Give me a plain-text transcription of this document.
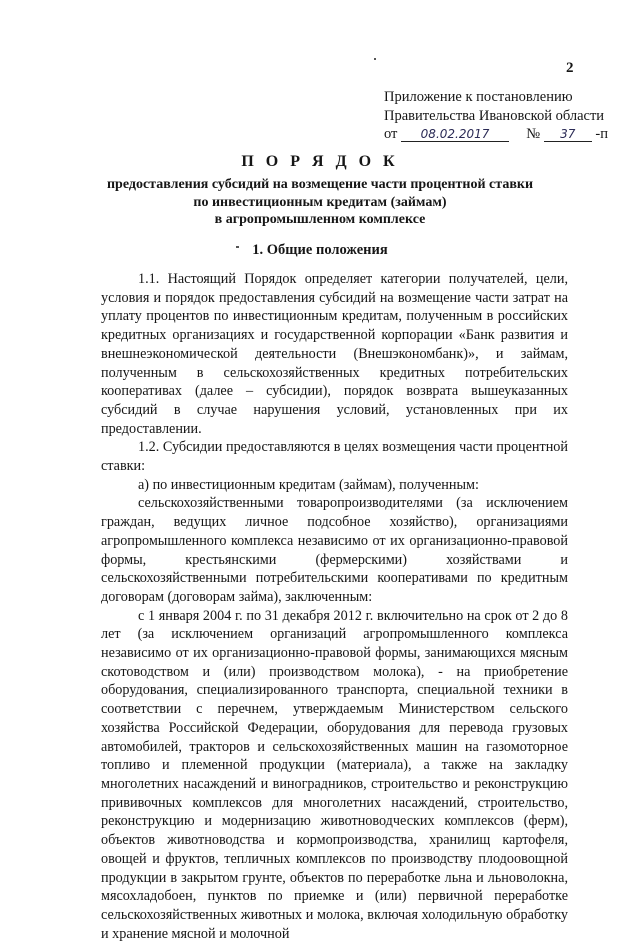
2
Приложение к постановлению
Правительства Ивановской области
от 08.02.2017	№ 37 -п
П О Р Я Д О К
предоставления субсидий на возмещение части процентной ставки
по инвестиционным кредитам (займам)
в агропромышленном комплексе
1. Общие положения

1.1. Настоящий Порядок определяет категории получателей, цели, условия и порядок предоставления субсидий на возмещение части затрат на уплату процентов по инвестиционным кредитам, полученным в российских кредитных организациях и государственной корпорации «Банк развития и внешнеэкономической деятельности (Внешэкономбанк)», и займам, полученным в сельскохозяйственных кредитных потребительских кооперативах (далее – субсидии), порядок возврата вышеуказанных субсидий в случае нарушения условий, установленных при их предоставлении.

1.2. Субсидии предоставляются в целях возмещения части процентной ставки:

а) по инвестиционным кредитам (займам), полученным:

сельскохозяйственными товаропроизводителями (за исключением граждан, ведущих личное подсобное хозяйство), организациями агропромышленного комплекса независимо от их организационно-правовой формы, крестьянскими (фермерскими) хозяйствами и сельскохозяйственными потребительскими кооперативами по кредитным договорам (договорам займа), заключенным:

с 1 января 2004 г. по 31 декабря 2012 г. включительно на срок от 2 до 8 лет (за исключением организаций агропромышленного комплекса независимо от их организационно-правовой формы, занимающихся мясным скотоводством и (или) производством молока), - на приобретение оборудования, специализированного транспорта, специальной техники в соответствии с перечнем, утверждаемым Министерством сельского хозяйства Российской Федерации, оборудования для перевода грузовых автомобилей, тракторов и сельскохозяйственных машин на газомоторное топливо и племенной продукции (материала), а также на закладку многолетних насаждений и виноградников, строительство и реконструкцию прививочных комплексов для многолетних насаждений, строительство, реконструкцию и модернизацию животноводческих комплексов (ферм), объектов животноводства и кормопроизводства, хранилищ картофеля, овощей и фруктов, тепличных комплексов по производству плодоовощной продукции в закрытом грунте, объектов по переработке льна и льноволокна, мясохладобоен, пунктов по приемке и (или) первичной переработке сельскохозяйственных животных и молока, включая холодильную обработку и хранение мясной и молочной
